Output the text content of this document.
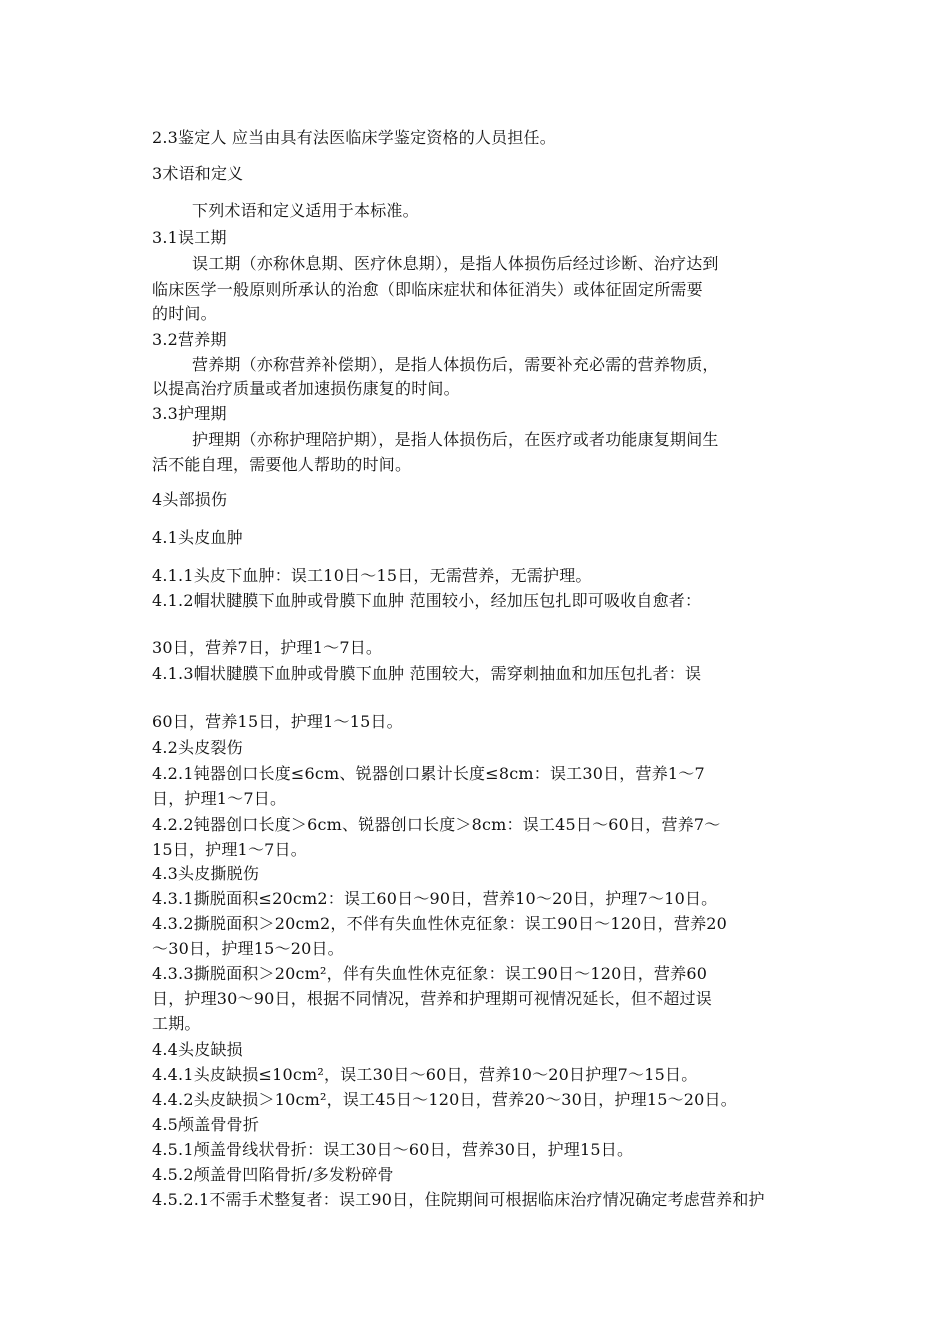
2.3鉴定人 应当由具有法医临床学鉴定资格的人员担任。
3术语和定义
下列术语和定义适用于本标准。
3.1误工期
误工期（亦称休息期、医疗休息期），是指人体损伤后经过诊断、治疗达到
临床医学一般原则所承认的治愈（即临床症状和体征消失）或体征固定所需要
的时间。
3.2营养期
营养期（亦称营养补偿期），是指人体损伤后，需要补充必需的营养物质，
以提高治疗质量或者加速损伤康复的时间。
3.3护理期
护理期（亦称护理陪护期），是指人体损伤后，在医疗或者功能康复期间生
活不能自理，需要他人帮助的时间。
4头部损伤
4.1头皮血肿
4.1.1头皮下血肿：误工10日～15日，无需营养，无需护理。
4.1.2帽状腱膜下血肿或骨膜下血肿 范围较小，经加压包扎即可吸收自愈者：
30日，营养7日，护理1～7日。
4.1.3帽状腱膜下血肿或骨膜下血肿 范围较大，需穿刺抽血和加压包扎者：误
60日，营养15日，护理1～15日。
4.2头皮裂伤
4.2.1钝器创口长度≤6cm、锐器创口累计长度≤8cm：误工30日，营养1～7
日，护理1～7日。
4.2.2钝器创口长度＞6cm、锐器创口长度＞8cm：误工45日～60日，营养7～
15日，护理1～7日。
4.3头皮撕脱伤
4.3.1撕脱面积≤20cm2：误工60日～90日，营养10～20日，护理7～10日。
4.3.2撕脱面积＞20cm2，不伴有失血性休克征象：误工90日～120日，营养20
～30日，护理15～20日。
4.3.3撕脱面积＞20cm²，伴有失血性休克征象：误工90日～120日，营养60
日，护理30～90日，根据不同情况，营养和护理期可视情况延长，但不超过误
工期。
4.4头皮缺损
4.4.1头皮缺损≤10cm²，误工30日～60日，营养10～20日护理7～15日。
4.4.2头皮缺损＞10cm²，误工45日～120日，营养20～30日，护理15～20日。
4.5颅盖骨骨折
4.5.1颅盖骨线状骨折：误工30日～60日，营养30日，护理15日。
4.5.2颅盖骨凹陷骨折/多发粉碎骨
4.5.2.1不需手术整复者：误工90日，住院期间可根据临床治疗情况确定考虑营养和护
